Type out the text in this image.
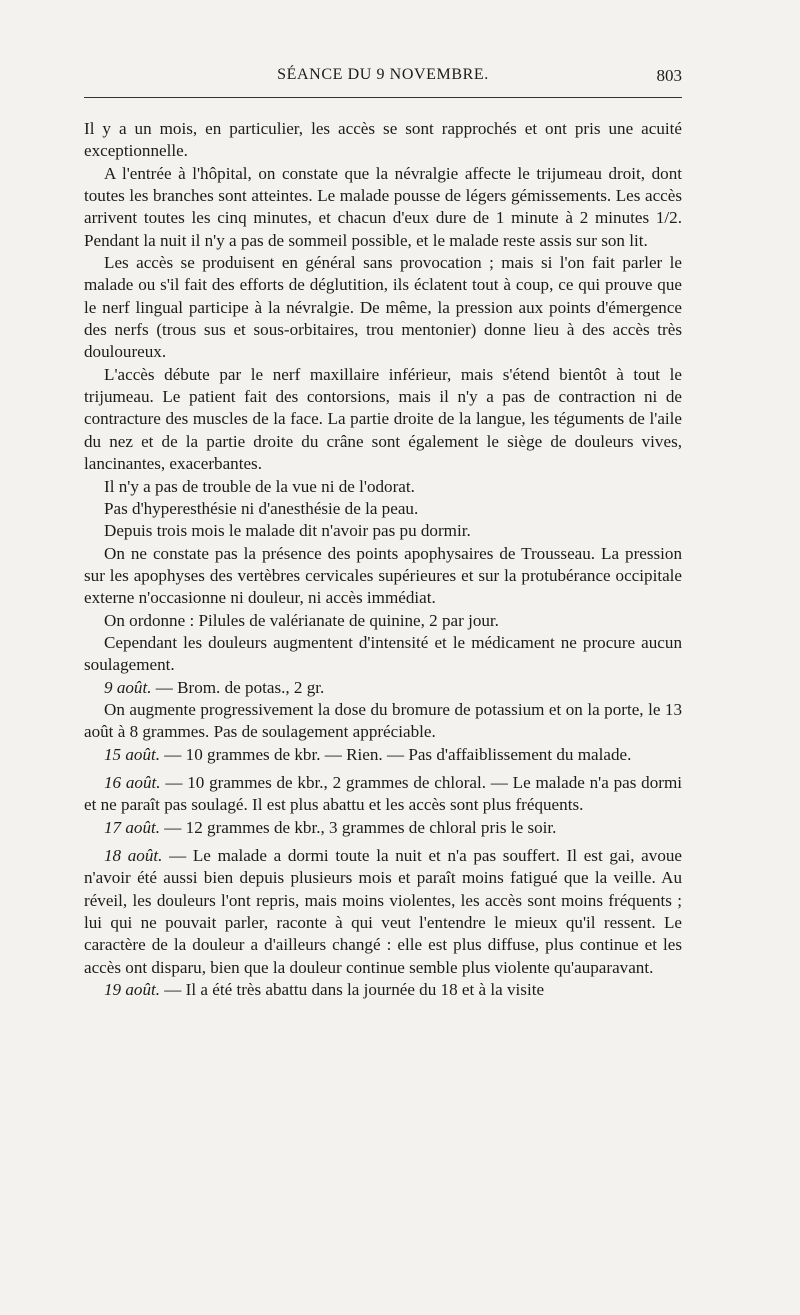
SÉANCE DU 9 NOVEMBRE.	803

Il y a un mois, en particulier, les accès se sont rapprochés et ont pris une acuité exceptionnelle.

A l'entrée à l'hôpital, on constate que la névralgie affecte le trijumeau droit, dont toutes les branches sont atteintes. Le malade pousse de légers gémissements. Les accès arrivent toutes les cinq minutes, et chacun d'eux dure de 1 minute à 2 minutes 1/2. Pendant la nuit il n'y a pas de sommeil possible, et le malade reste assis sur son lit.

Les accès se produisent en général sans provocation ; mais si l'on fait parler le malade ou s'il fait des efforts de déglutition, ils éclatent tout à coup, ce qui prouve que le nerf lingual participe à la névralgie. De même, la pression aux points d'émergence des nerfs (trous sus et sous-orbitaires, trou mentonier) donne lieu à des accès très douloureux.

L'accès débute par le nerf maxillaire inférieur, mais s'étend bientôt à tout le trijumeau. Le patient fait des contorsions, mais il n'y a pas de contraction ni de contracture des muscles de la face. La partie droite de la langue, les téguments de l'aile du nez et de la partie droite du crâne sont également le siège de douleurs vives, lancinantes, exacerbantes.

Il n'y a pas de trouble de la vue ni de l'odorat.

Pas d'hyperesthésie ni d'anesthésie de la peau.

Depuis trois mois le malade dit n'avoir pas pu dormir.

On ne constate pas la présence des points apophysaires de Trousseau. La pression sur les apophyses des vertèbres cervicales supérieures et sur la protubérance occipitale externe n'occasionne ni douleur, ni accès immédiat.

On ordonne : Pilules de valérianate de quinine, 2 par jour.

Cependant les douleurs augmentent d'intensité et le médicament ne procure aucun soulagement.

9 août. — Brom. de potas., 2 gr.

On augmente progressivement la dose du bromure de potassium et on la porte, le 13 août à 8 grammes. Pas de soulagement appréciable.

15 août. — 10 grammes de kbr. — Rien. — Pas d'affaiblissement du malade.

16 août. — 10 grammes de kbr., 2 grammes de chloral. — Le malade n'a pas dormi et ne paraît pas soulagé. Il est plus abattu et les accès sont plus fréquents.

17 août. — 12 grammes de kbr., 3 grammes de chloral pris le soir.

18 août. — Le malade a dormi toute la nuit et n'a pas souffert. Il est gai, avoue n'avoir été aussi bien depuis plusieurs mois et paraît moins fatigué que la veille. Au réveil, les douleurs l'ont repris, mais moins violentes, les accès sont moins fréquents ; lui qui ne pouvait parler, raconte à qui veut l'entendre le mieux qu'il ressent. Le caractère de la douleur a d'ailleurs changé : elle est plus diffuse, plus continue et les accès ont disparu, bien que la douleur continue semble plus violente qu'auparavant.

19 août. — Il a été très abattu dans la journée du 18 et à la visite
